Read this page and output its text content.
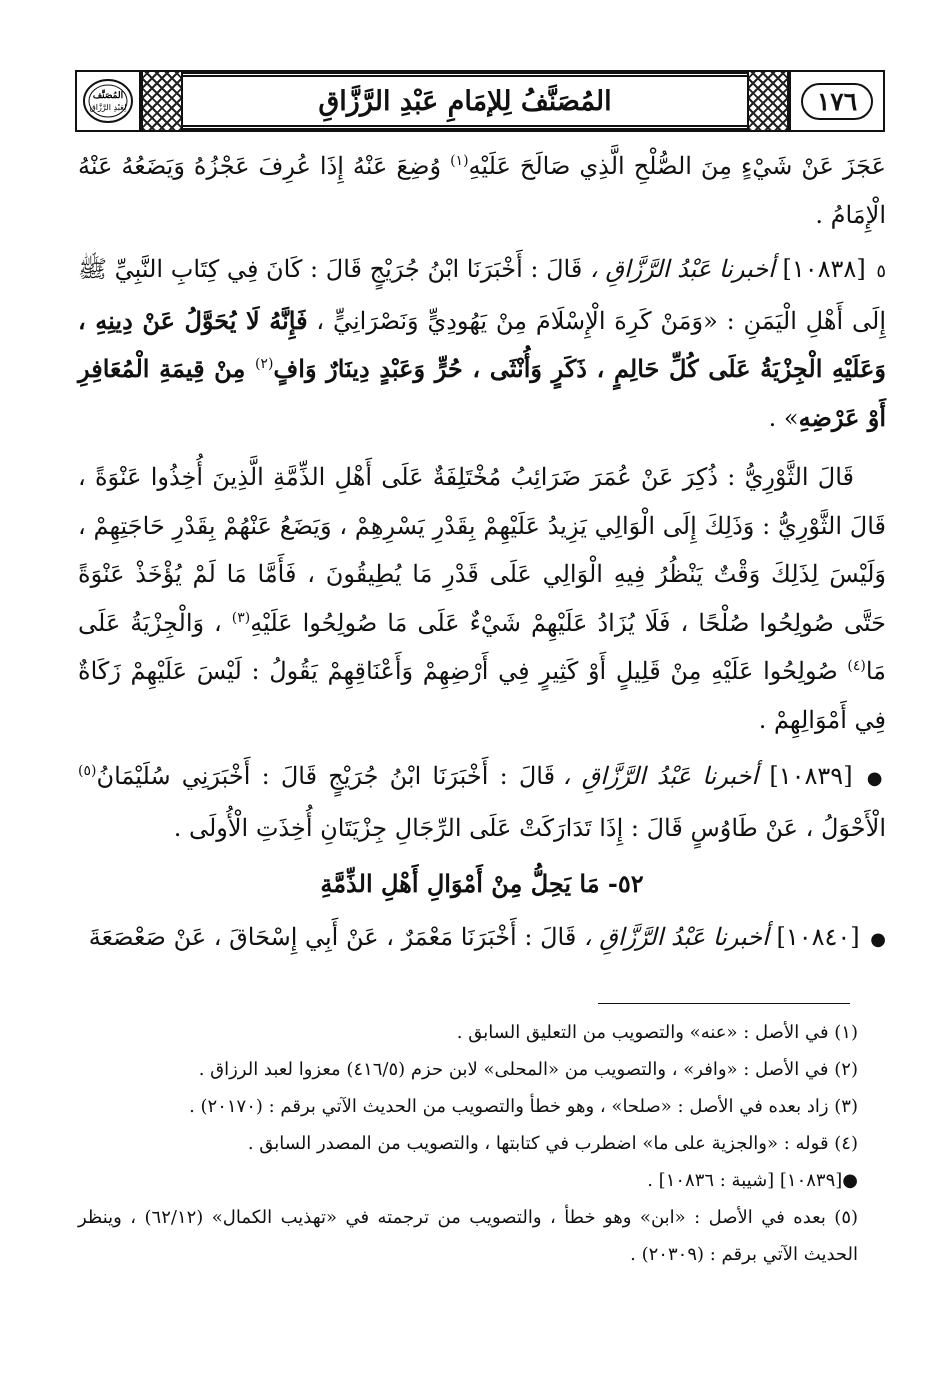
المُصَنَّف
لِعَبْدِ الرَّزَّاق	المُصَنَّفُ لِلإمَامِ عَبْدِ الرَّزَّاقِ	١٧٦

عَجَزَ عَنْ شَيْءٍ مِنَ الصُّلْحِ الَّذِي صَالَحَ عَلَيْهِ$^{(١)}$ وُضِعَ عَنْهُ إِذَا عُرِفَ عَجْزُهُ وَيَضَعُهُ عَنْهُ الْإِمَامُ .

٥ [١٠٨٣٨] أخبرنا عَبْدُ الرَّزَّاقِ ، قَالَ : أَخْبَرَنَا ابْنُ جُرَيْجٍ قَالَ : كَانَ فِي كِتَابِ النَّبِيِّ ﷺ إِلَى أَهْلِ الْيَمَنِ : «وَمَنْ كَرِهَ الْإِسْلَامَ مِنْ يَهُودِيٍّ وَنَصْرَانِيٍّ ، فَإِنَّهُ لَا يُحَوَّلُ عَنْ دِينِهِ ، وَعَلَيْهِ الْجِزْيَةُ عَلَى كُلِّ حَالِمٍ ، ذَكَرٍ وَأُنْثَى ، حُرٍّ وَعَبْدٍ دِينَارٌ وَافٍ$^{(٢)}$ مِنْ قِيمَةِ الْمُعَافِرِ أَوْ عَرْضِهِ» .

قَالَ الثَّوْرِيُّ : ذُكِرَ عَنْ عُمَرَ ضَرَائِبُ مُخْتَلِفَةٌ عَلَى أَهْلِ الذِّمَّةِ الَّذِينَ أُخِذُوا عَنْوَةً ، قَالَ الثَّوْرِيُّ : وَذَلِكَ إِلَى الْوَالِي يَزِيدُ عَلَيْهِمْ بِقَدْرِ يَسْرِهِمْ ، وَيَضَعُ عَنْهُمْ بِقَدْرِ حَاجَتِهِمْ ، وَلَيْسَ لِذَلِكَ وَقْتٌ يَنْظُرُ فِيهِ الْوَالِي عَلَى قَدْرِ مَا يُطِيقُونَ ، فَأَمَّا مَا لَمْ يُؤْخَذْ عَنْوَةً حَتَّى صُولِحُوا صُلْحًا ، فَلَا يُزَادُ عَلَيْهِمْ شَيْءٌ عَلَى مَا صُولِحُوا عَلَيْهِ$^{(٣)}$ ، وَالْجِزْيَةُ عَلَى مَا$^{(٤)}$ صُولِحُوا عَلَيْهِ مِنْ قَلِيلٍ أَوْ كَثِيرٍ فِي أَرْضِهِمْ وَأَعْنَاقِهِمْ يَقُولُ : لَيْسَ عَلَيْهِمْ زَكَاةٌ فِي أَمْوَالِهِمْ .

● [١٠٨٣٩] أخبرنا عَبْدُ الرَّزَّاقِ ، قَالَ : أَخْبَرَنَا ابْنُ جُرَيْجٍ قَالَ : أَخْبَرَنِي سُلَيْمَانُ$^{(٥)}$ الْأَحْوَلُ ، عَنْ طَاوُسٍ قَالَ : إِذَا تَدَارَكَتْ عَلَى الرِّجَالِ جِزْيَتَانِ أُخِذَتِ الْأُولَى .

٥٢- مَا يَحِلُّ مِنْ أَمْوَالِ أَهْلِ الذِّمَّةِ

● [١٠٨٤٠] أخبرنا عَبْدُ الرَّزَّاقِ ، قَالَ : أَخْبَرَنَا مَعْمَرٌ ، عَنْ أَبِي إِسْحَاقَ ، عَنْ صَعْصَعَةَ

(١) في الأصل : «عنه» والتصويب من التعليق السابق .

(٢) في الأصل : «وافر» ، والتصويب من «المحلى» لابن حزم (٤١٦/٥) معزوا لعبد الرزاق .

(٣) زاد بعده في الأصل : «صلحا» ، وهو خطأ والتصويب من الحديث الآتي برقم : (٢٠١٧٠) .

(٤) قوله : «والجزية على ما» اضطرب في كتابتها ، والتصويب من المصدر السابق .

●[١٠٨٣٩] [شيبة : ١٠٨٣٦] .

(٥) بعده في الأصل : «ابن» وهو خطأ ، والتصويب من ترجمته في «تهذيب الكمال» (٦٢/١٢) ، وينظر الحديث الآتي برقم : (٢٠٣٠٩) .
